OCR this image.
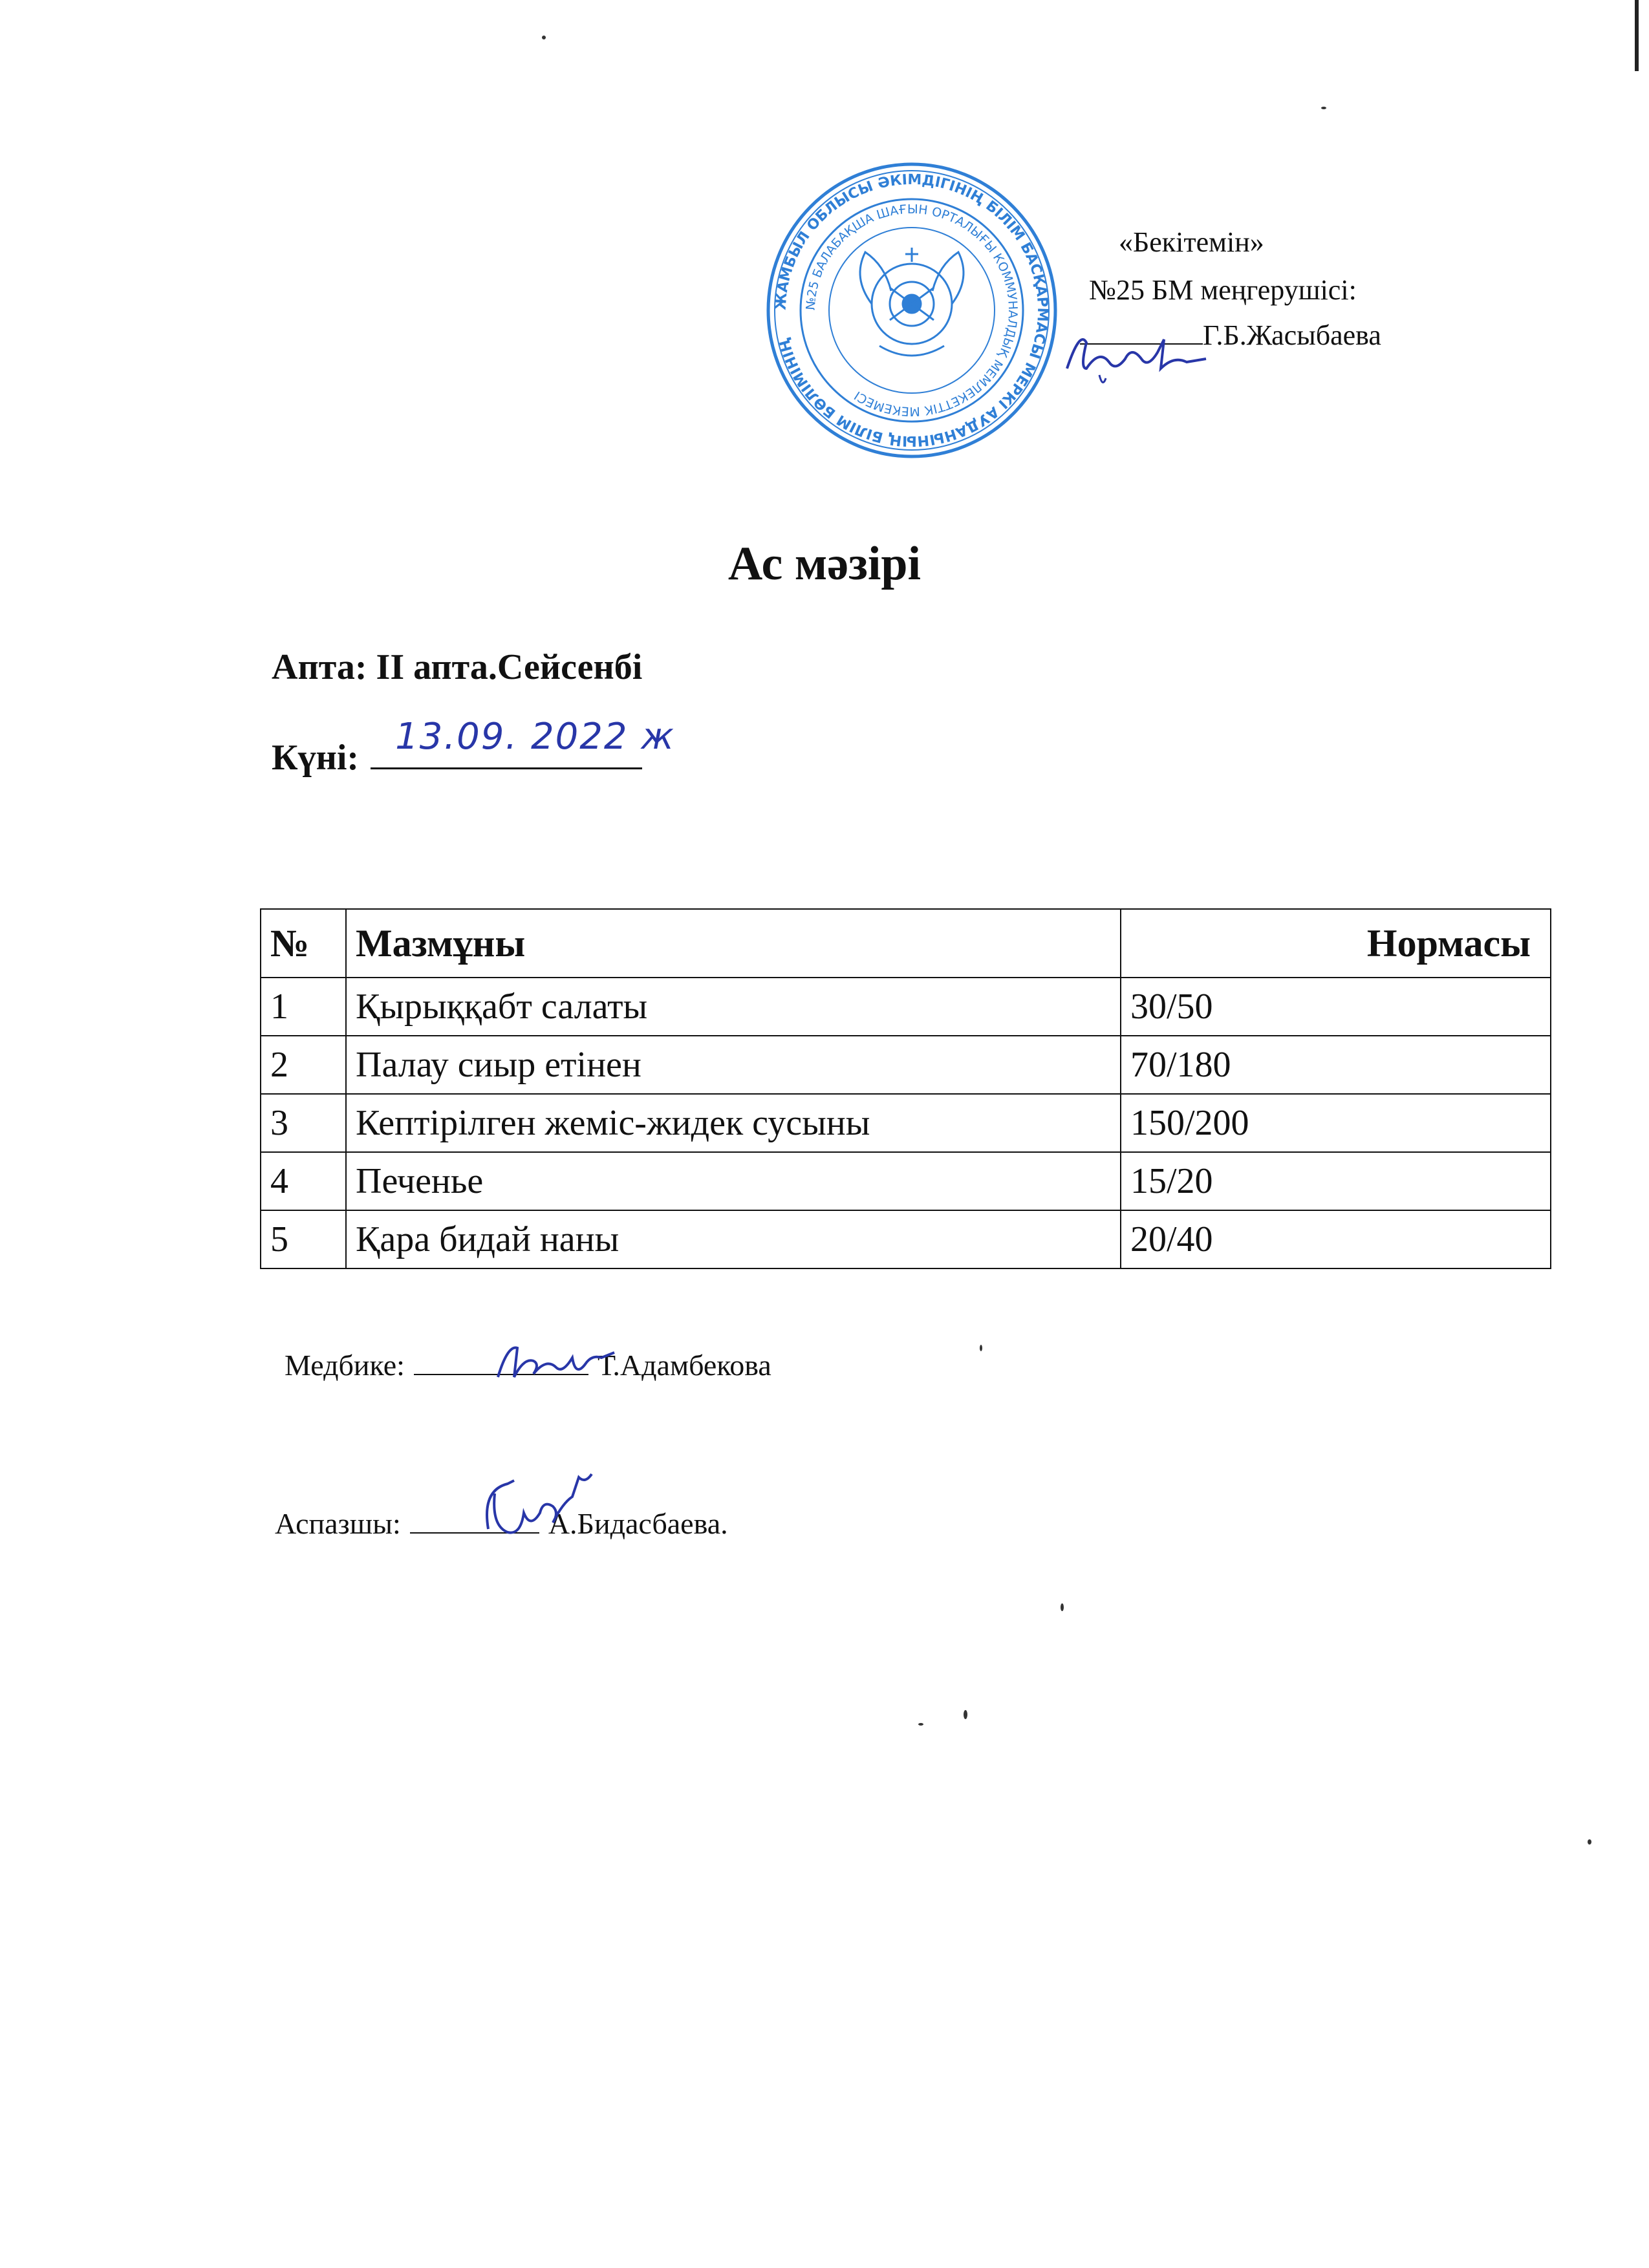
ЖАМБЫЛ ОБЛЫСЫ ӘКІМДІГІНІҢ БІЛІМ БАСҚАРМАСЫ МЕРКІ АУДАНЫНЫҢ БІЛІМ БӨЛІМІНІҢ
№25 БАЛАБАҚША ШАҒЫН ОРТАЛЫҒЫ КОММУНАЛДЫҚ МЕМЛЕКЕТТІК МЕКЕМЕСІ
«Бекітемін»
№25 БМ меңгерушісі:
Г.Б.Жасыбаева
Ас мәзірі
Апта: ІІ апта.Сейсенбі
Күні: 13.09. 2022 ж
№	Мазмұны	Нормасы
1	Қырыққабт салаты	30/50
2	Палау сиыр етінен	70/180
3	Кептірілген жеміс-жидек сусыны	150/200
4	Печенье	15/20
5	Қара бидай наны	20/40
Медбике:	Т.Адамбекова
Аспазшы:	А.Бидасбаева.
